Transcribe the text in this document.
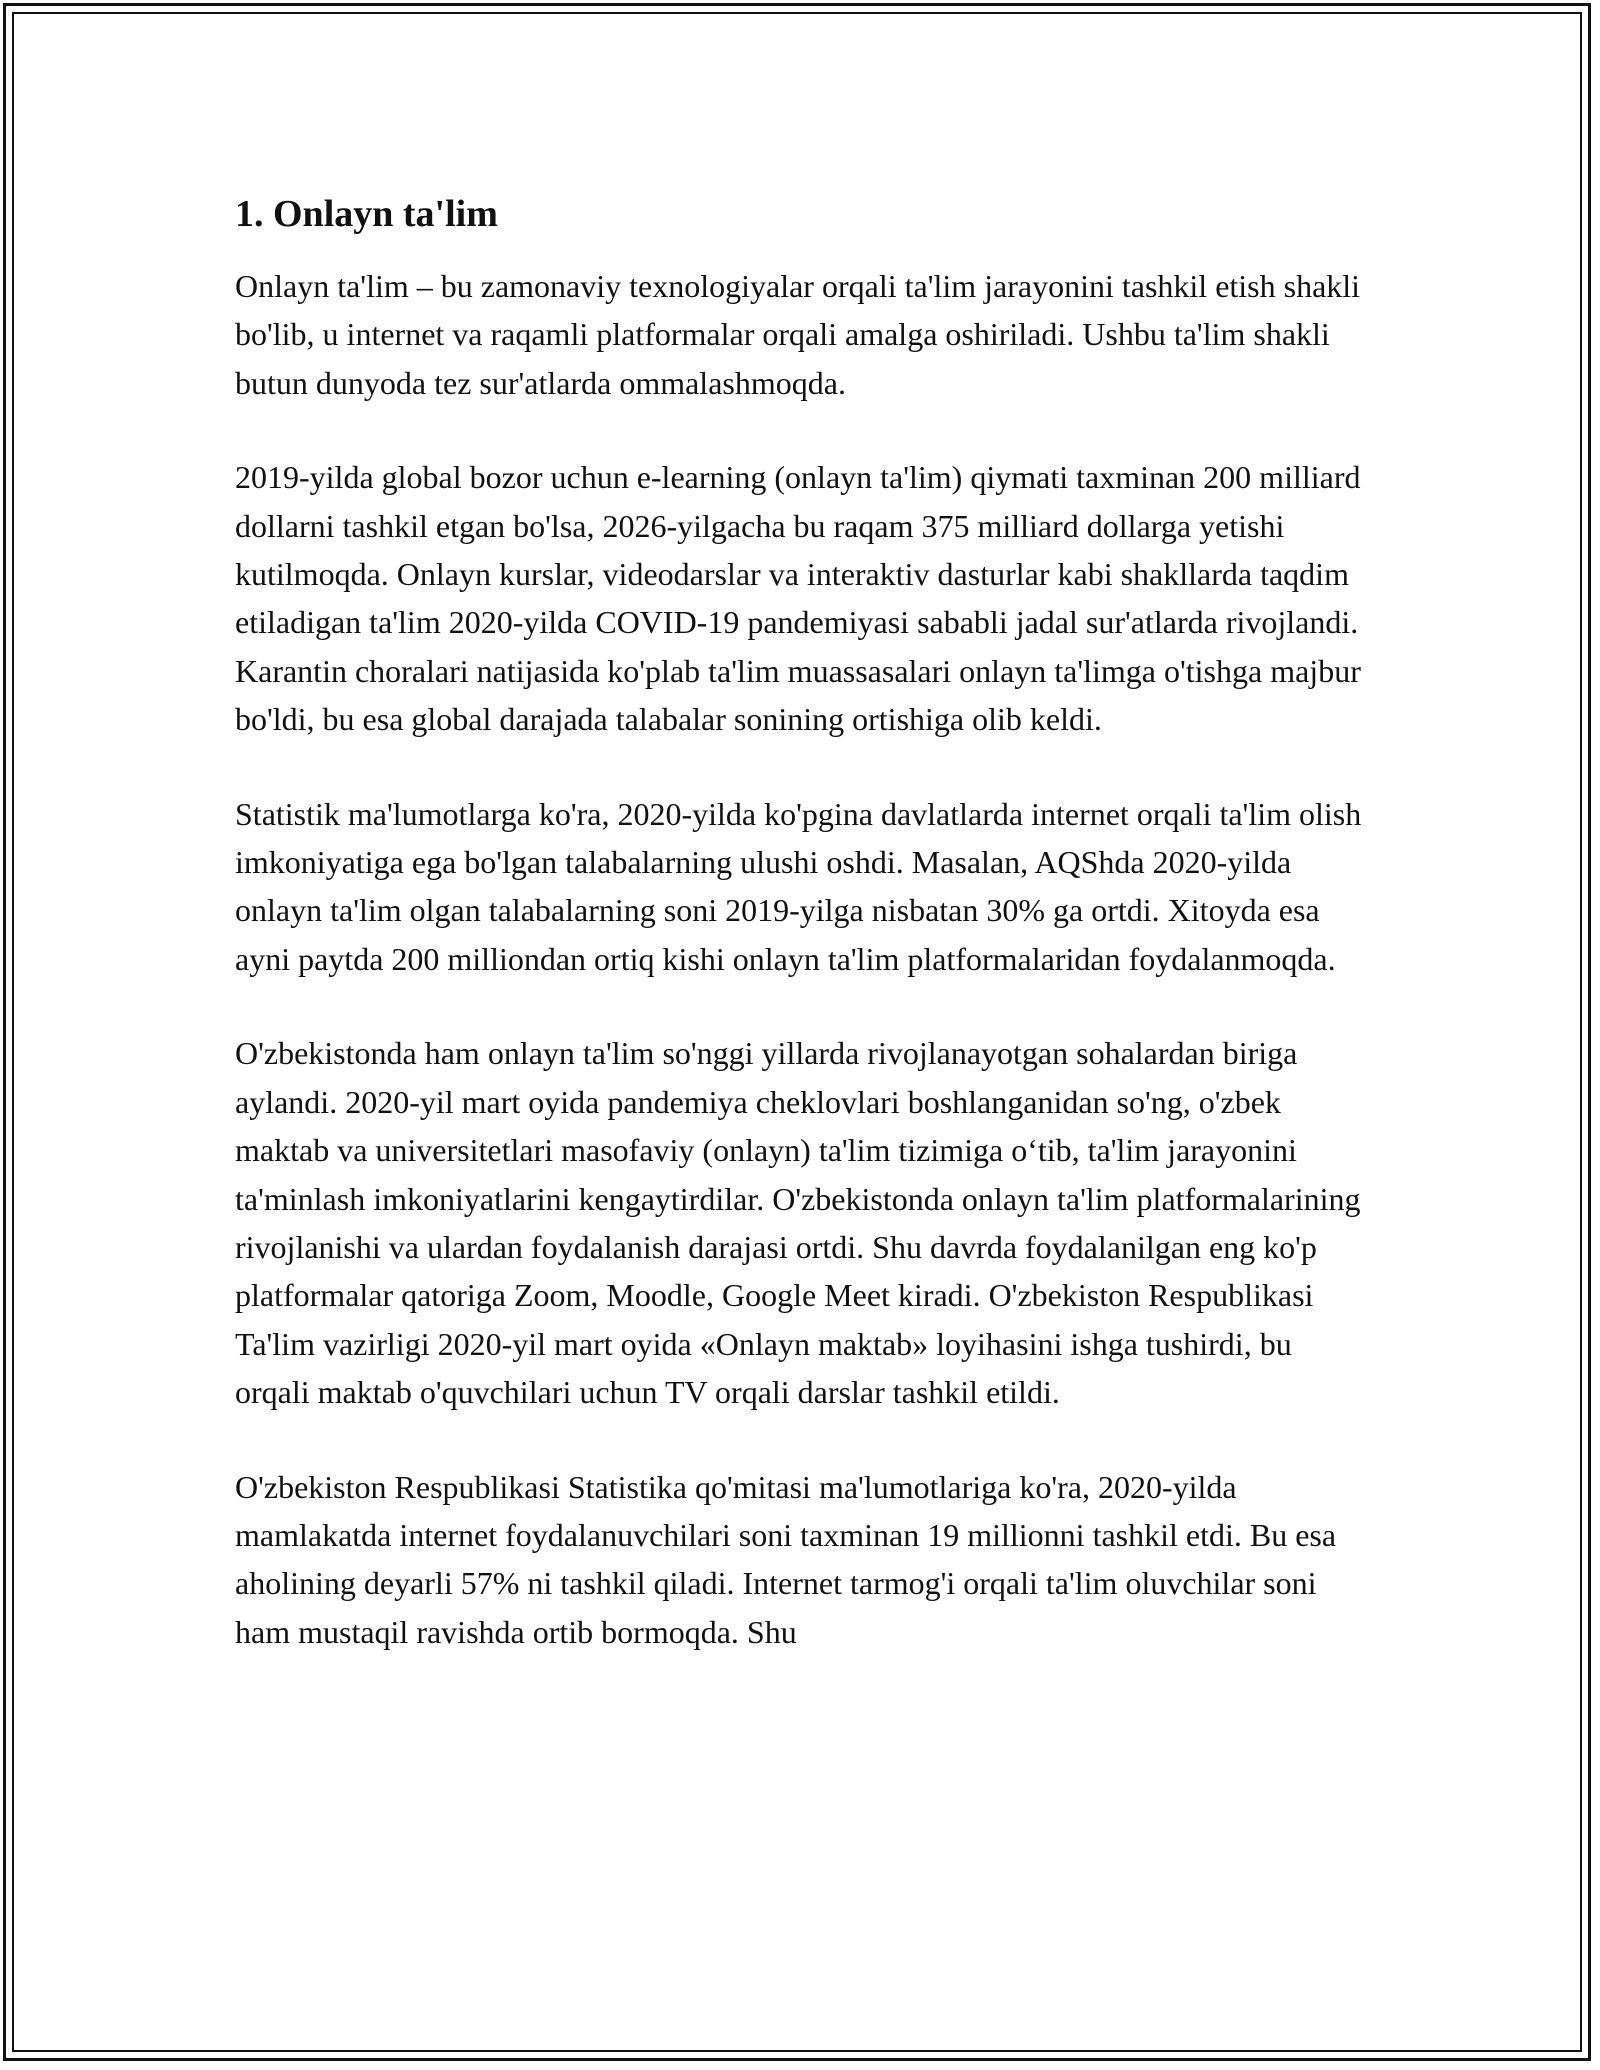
1. Onlayn ta'lim

Onlayn ta'lim – bu zamonaviy texnologiyalar orqali ta'lim jarayonini tashkil etish shakli bo'lib, u internet va raqamli platformalar orqali amalga oshiriladi. Ushbu ta'lim shakli butun dunyoda tez sur'atlarda ommalashmoqda.

2019-yilda global bozor uchun e-learning (onlayn ta'lim) qiymati taxminan 200 milliard dollarni tashkil etgan bo'lsa, 2026-yilgacha bu raqam 375 milliard dollarga yetishi kutilmoqda. Onlayn kurslar, videodarslar va interaktiv dasturlar kabi shakllarda taqdim etiladigan ta'lim 2020-yilda COVID-19 pandemiyasi sababli jadal sur'atlarda rivojlandi. Karantin choralari natijasida ko'plab ta'lim muassasalari onlayn ta'limga o'tishga majbur bo'ldi, bu esa global darajada talabalar sonining ortishiga olib keldi.

Statistik ma'lumotlarga ko'ra, 2020-yilda ko'pgina davlatlarda internet orqali ta'lim olish imkoniyatiga ega bo'lgan talabalarning ulushi oshdi. Masalan, AQShda 2020-yilda onlayn ta'lim olgan talabalarning soni 2019-yilga nisbatan 30% ga ortdi. Xitoyda esa ayni paytda 200 milliondan ortiq kishi onlayn ta'lim platformalaridan foydalanmoqda.

O'zbekistonda ham onlayn ta'lim so'nggi yillarda rivojlanayotgan sohalardan biriga aylandi. 2020-yil mart oyida pandemiya cheklovlari boshlanganidan so'ng, o'zbek maktab va universitetlari masofaviy (onlayn) ta'lim tizimiga oʻtib, ta'lim jarayonini ta'minlash imkoniyatlarini kengaytirdilar. O'zbekistonda onlayn ta'lim platformalarining rivojlanishi va ulardan foydalanish darajasi ortdi. Shu davrda foydalanilgan eng ko'p platformalar qatoriga Zoom, Moodle, Google Meet kiradi. O'zbekiston Respublikasi Ta'lim vazirligi 2020-yil mart oyida «Onlayn maktab» loyihasini ishga tushirdi, bu orqali maktab o'quvchilari uchun TV orqali darslar tashkil etildi.

O'zbekiston Respublikasi Statistika qo'mitasi ma'lumotlariga ko'ra, 2020-yilda mamlakatda internet foydalanuvchilari soni taxminan 19 millionni tashkil etdi. Bu esa aholining deyarli 57% ni tashkil qiladi. Internet tarmog'i orqali ta'lim oluvchilar soni ham mustaqil ravishda ortib bormoqda. Shu
